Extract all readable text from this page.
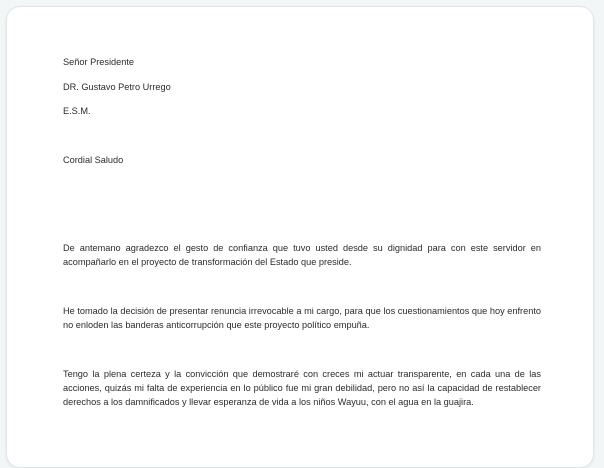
Señor Presidente
DR. Gustavo Petro Urrego
E.S.M.
Cordial Saludo
De antemano agradezco el gesto de confianza que tuvo usted desde su dignidad para con este servidor en acompañarlo en el proyecto de transformación del Estado que preside.
He tomado la decisión de presentar renuncia irrevocable a mi cargo, para que los cuestionamientos que hoy enfrento no enloden las banderas anticorrupción que este proyecto político empuña.
Tengo la plena certeza y la convicción que demostraré con creces mi actuar transparente, en cada una de las acciones, quizás mi falta de experiencia en lo público fue mi gran debilidad, pero no así la capacidad de restablecer derechos a los damnificados y llevar esperanza de vida a los niños Wayuu, con el agua en la guajira.
